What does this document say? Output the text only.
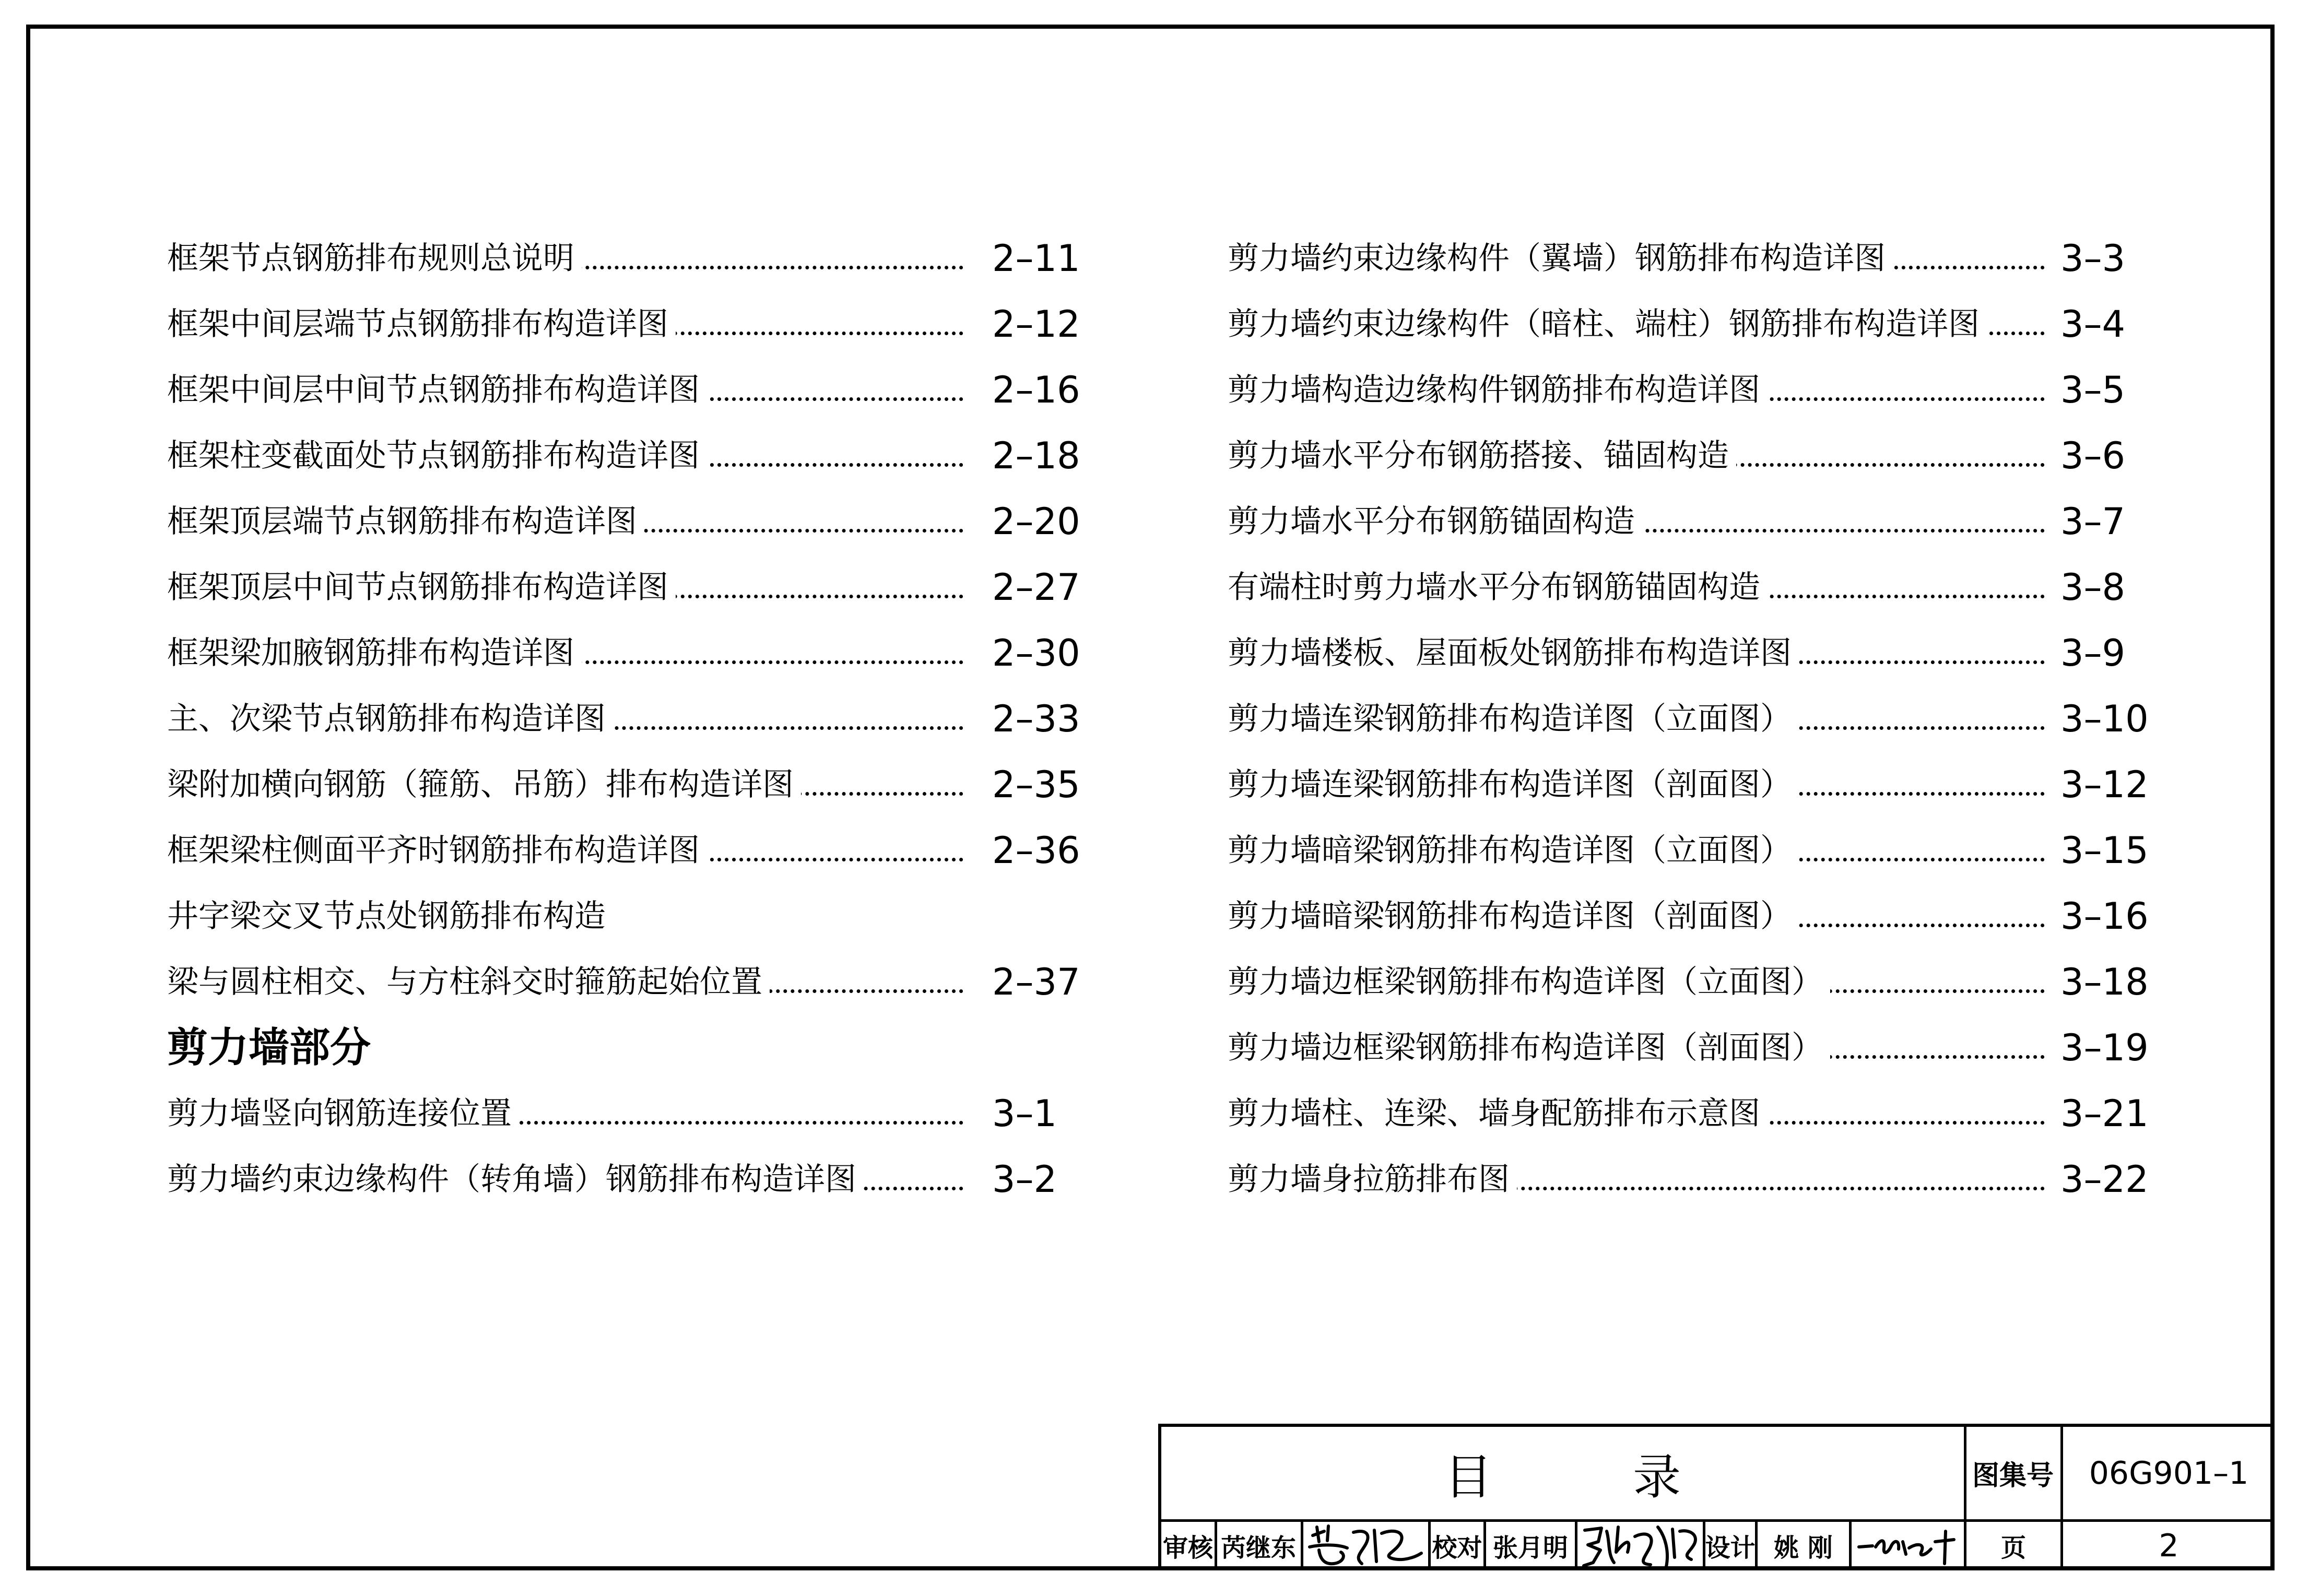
框架节点钢筋排布规则总说明	2–11
框架中间层端节点钢筋排布构造详图	2–12
框架中间层中间节点钢筋排布构造详图	2–16
框架柱变截面处节点钢筋排布构造详图	2–18
框架顶层端节点钢筋排布构造详图	2–20
框架顶层中间节点钢筋排布构造详图	2–27
框架梁加腋钢筋排布构造详图	2–30
主、次梁节点钢筋排布构造详图	2–33
梁附加横向钢筋（箍筋、吊筋）排布构造详图	2–35
框架梁柱侧面平齐时钢筋排布构造详图	2–36
井字梁交叉节点处钢筋排布构造
梁与圆柱相交、与方柱斜交时箍筋起始位置	2–37
剪力墙部分
剪力墙竖向钢筋连接位置	3–1
剪力墙约束边缘构件（转角墙）钢筋排布构造详图	3–2
剪力墙约束边缘构件（翼墙）钢筋排布构造详图	3–3
剪力墙约束边缘构件（暗柱、端柱）钢筋排布构造详图 3–4
剪力墙构造边缘构件钢筋排布构造详图	3–5
剪力墙水平分布钢筋搭接、锚固构造	3–6
剪力墙水平分布钢筋锚固构造	3–7
有端柱时剪力墙水平分布钢筋锚固构造	3–8
剪力墙楼板、屋面板处钢筋排布构造详图	3–9
剪力墙连梁钢筋排布构造详图（立面图）	3–10
剪力墙连梁钢筋排布构造详图（剖面图）	3–12
剪力墙暗梁钢筋排布构造详图（立面图）	3–15
剪力墙暗梁钢筋排布构造详图（剖面图）	3–16
剪力墙边框梁钢筋排布构造详图（立面图）	3–18
剪力墙边框梁钢筋排布构造详图（剖面图）	3–19
剪力墙柱、连梁、墙身配筋排布示意图	3–21
剪力墙身拉筋排布图	3–22
目 录	图集号	06G901–1
审核 芮继东	校对 张月明	设计 姚 刚	页	2
